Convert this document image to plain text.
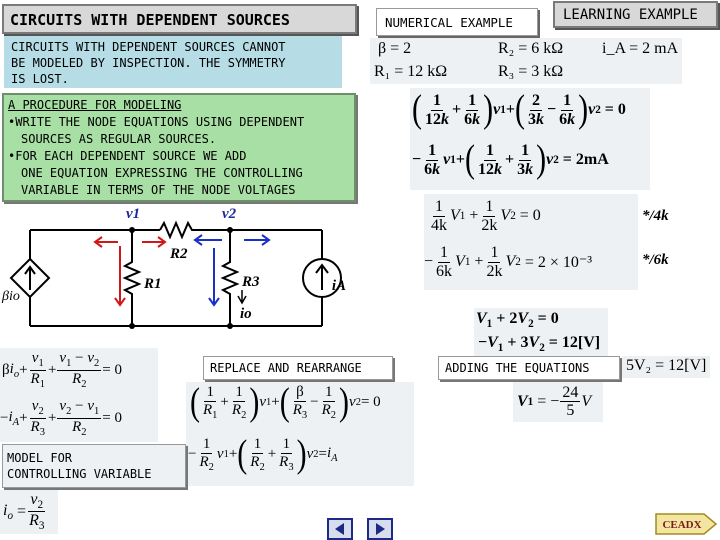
CIRCUITS WITH DEPENDENT SOURCES	NUMERICAL EXAMPLE	LEARNING EXAMPLE
CIRCUITS WITH DEPENDENT SOURCES CANNOT
BE MODELED BY INSPECTION. THE SYMMETRY
IS LOST.
A PROCEDURE FOR MODELING
•WRITE THE NODE EQUATIONS USING DEPENDENT
SOURCES AS REGULAR SOURCES.
•FOR EACH DEPENDENT SOURCE WE ADD
ONE EQUATION EXPRESSING THE CONTROLLING
VARIABLE IN TERMS OF THE NODE VOLTAGES
β = 2	R₂ = 6 kΩ i_A = 2 mA
R₁ = 12 kΩ	R₃ = 3 kΩ
( $\frac{1}{12k} + \frac{1}{6k}$ ) v 1 + ( $\frac{2}{3k} - \frac{1}{6k}$ ) v 2 = 0
− $\frac{1}{6k}$ v 1 + ( $\frac{1}{12k} + \frac{1}{3k}$ ) v 2
= 2mA
$\frac{1}{4k}$ V $1 + \frac{1}{2k}$ V 2
= 0
− $\frac{1}{6k}$ V $1 + \frac{1}{2k}$ V 2
= 2 × 10⁻³
*/4k
*/6k
$V_1 + 2V_2 = 0$
$-V_1 + 3V_2 = 12[V]$
5V₂ = 12[V]
V 1 = − $\frac{24}{5}$ V
v1	v2
R2
R1	R3
βio
io
iA
β $i_o + \frac{v_1}{R_1} + \frac{v_1 - v_2}{R_2} = 0$
− $i_A + \frac{v_2}{R_3} + \frac{v_2 - v_1}{R_2} = 0$
REPLACE AND REARRANGE	ADDING THE EQUATIONS
( $\frac{1}{R_1} + \frac{1}{R_2}$ ) v 1 + ( $\frac{\beta}{R_3} - \frac{1}{R_2}$ ) v 2 = 0
− $\frac{1}{R_2}$ v 1 + ( $\frac{1}{R_2} + \frac{1}{R_3}$ ) v $2 = i_A$
MODEL FOR
CONTROLLING VARIABLE
$i_o = \frac{v_2}{R_3}$	CEADX
